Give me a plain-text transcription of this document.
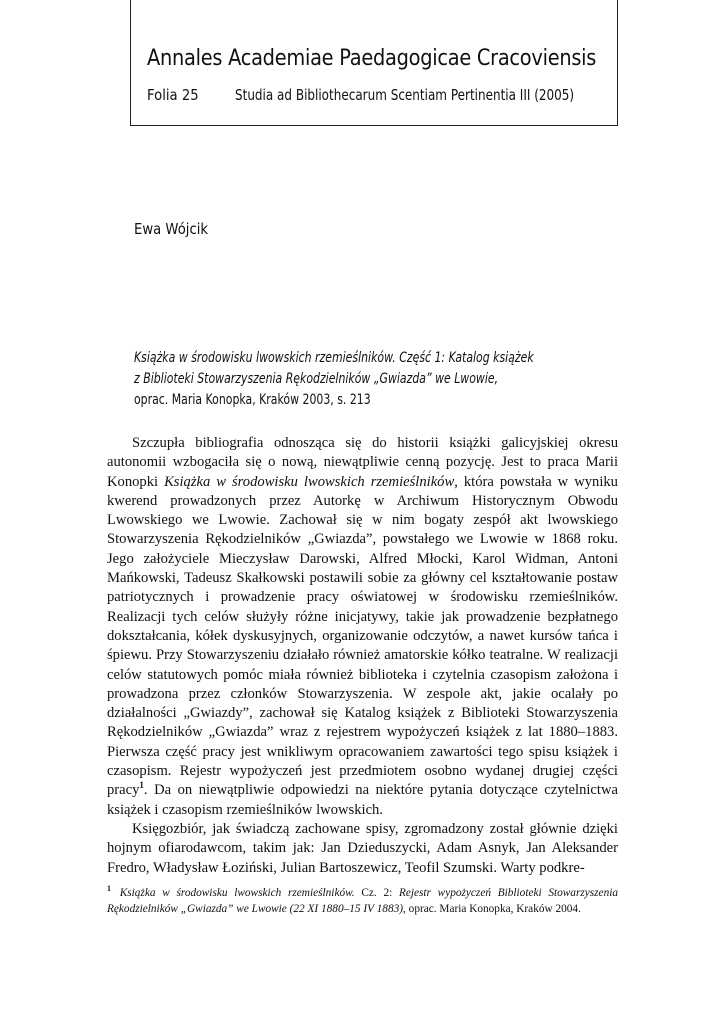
Annales Academiae Paedagogicae Cracoviensis
Folia 25 Studia ad Bibliothecarum Scentiam Pertinentia III (2005)
Ewa Wójcik
Książka w środowisku lwowskich rzemieślników. Część 1: Katalog książek
z Biblioteki Stowarzyszenia Rękodzielników „Gwiazda” we Lwowie,
oprac. Maria Konopka, Kraków 2003, s. 213

Szczupła bibliografia odnosząca się do historii książki galicyjskiej okresu autonomii wzbogaciła się o nową, niewątpliwie cenną pozycję. Jest to praca Marii Konopki Książka w środowisku lwowskich rzemieślników, która powstała w wyniku kwerend prowadzonych przez Autorkę w Archiwum Historycznym Obwodu Lwowskiego we Lwowie. Zachował się w nim bogaty zespół akt lwowskiego Stowarzyszenia Rękodzielników „Gwiazda”, powstałego we Lwowie w 1868 roku. Jego założyciele Mieczysław Darowski, Alfred Młocki, Karol Widman, Antoni Mańkowski, Tadeusz Skałkowski postawili sobie za główny cel kształtowanie postaw patriotycznych i prowadzenie pracy oświatowej w środowisku rzemieślników. Realizacji tych celów służyły różne inicjatywy, takie jak prowadzenie bezpłatnego dokształcania, kółek dyskusyjnych, organizowanie odczytów, a nawet kursów tańca i śpiewu. Przy Stowarzyszeniu działało również amatorskie kółko teatralne. W realizacji celów statutowych pomóc miała również biblioteka i czytelnia czasopism założona i prowadzona przez członków Stowarzyszenia. W zespole akt, jakie ocalały po działalności „Gwiazdy”, zachował się Katalog książek z Biblioteki Stowarzyszenia Rękodzielników „Gwiazda” wraz z rejestrem wypożyczeń książek z lat 1880–1883. Pierwsza część pracy jest wnikliwym opracowaniem zawartości tego spisu książek i czasopism. Rejestr wypożyczeń jest przedmiotem osobno wydanej drugiej części pracy$^1$. Da on niewątpliwie odpowiedzi na niektóre pytania dotyczące czytelnictwa książek i czasopism rzemieślników lwowskich.

Księgozbiór, jak świadczą zachowane spisy, zgromadzony został głównie dzięki hojnym ofiarodawcom, takim jak: Jan Dzieduszycki, Adam Asnyk, Jan Aleksander Fredro, Władysław Łoziński, Julian Bartoszewicz, Teofil Szumski. Warty podkre-

$^1$ Książka w środowisku lwowskich rzemieślników. Cz. 2: Rejestr wypożyczeń Biblioteki Stowarzyszenia Rękodzielników „Gwiazda” we Lwowie (22 XI 1880–15 IV 1883), oprac. Maria Konopka, Kraków 2004.
